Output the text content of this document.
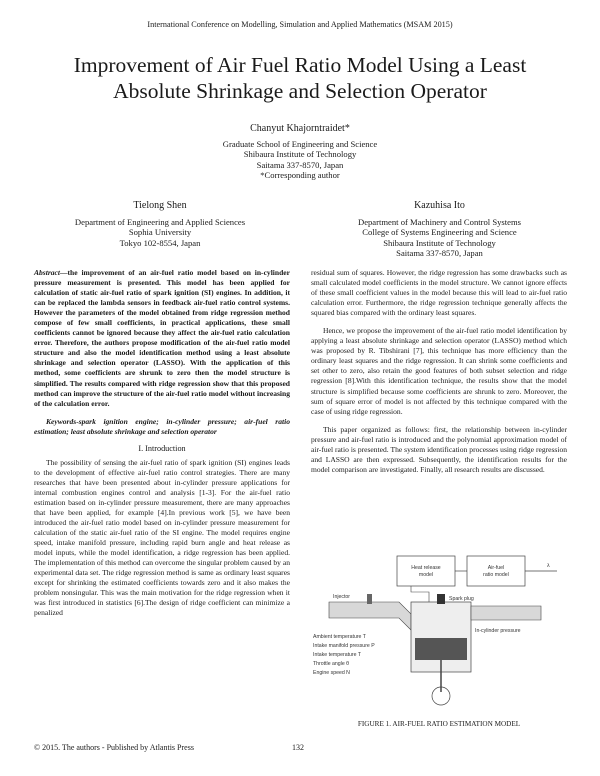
International Conference on Modelling, Simulation and Applied Mathematics (MSAM 2015)
Improvement of Air Fuel Ratio Model Using a Least
Absolute Shrinkage and Selection Operator
Chanyut Khajorntraidet*
Graduate School of Engineering and Science
Shibaura Institute of Technology
Saitama 337-8570, Japan
*Corresponding author
Tielong Shen
Department of Engineering and Applied Sciences
Sophia University
Tokyo 102-8554, Japan
Kazuhisa Ito
Department of Machinery and Control Systems
College of Systems Engineering and Science
Shibaura Institute of Technology
Saitama 337-8570, Japan

Abstract—the improvement of an air-fuel ratio model based on in-cylinder pressure measurement is presented. This model has been applied for calculation of static air-fuel ratio of spark ignition (SI) engines. In addition, it can be replaced the lambda sensors in feedback air-fuel ratio control systems. However the parameters of the model obtained from ridge regression method compose of few small coefficients, in practical applications, these small coefficients cannot be ignored because they affect the air-fuel ratio calculation error. Therefore, the authors propose modification of the air-fuel ratio model structure and also the model identification method using a least absolute shrinkage and selection operator (LASSO). With the application of this method, some coefficients are shrunk to zero then the model structure is simplified. The results compared with ridge regression show that this proposed method can improve the structure of the air-fuel ratio model without increasing of the calculation error.

Keywords-spark ignition engine; in-cylinder pressure; air-fuel ratio estimation; least absolute shrinkage and selection operator

I. Introduction

The possibility of sensing the air-fuel ratio of spark ignition (SI) engines leads to the development of effective air-fuel ratio control strategies. There are many researches that have been presented about in-cylinder pressure applications for internal combustion engines control and analysis [1-3]. For the air-fuel ratio estimation based on in-cylinder pressure measurement, there are many approaches that have been applied, for example [4].In previous work [5], we have been introduced the air-fuel ratio model based on in-cylinder pressure measurement for calculation of the static air-fuel ratio of the SI engine. The model requires engine speed, intake manifold pressure, including rapid burn angle and heat release as model inputs, while the model identification, a ridge regression has been applied. The implementation of this method can overcome the singular problem caused by an experimental data set. The ridge regression method is same as ordinary least squares except for shrinking the estimated coefficients towards zero and it also makes the problem nonsingular. This was the main motivation for the ridge regression when it was first introduced in statistics [6].The design of ridge coefficient can minimize a penalized

residual sum of squares. However, the ridge regression has some drawbacks such as small calculated model coefficients in the model structure. We cannot ignore effects of these small coefficient values in the model because this will lead to air-fuel ratio calculation error. Furthermore, the ridge regression technique generally affects the squared bias compared with the ordinary least squares.

Hence, we propose the improvement of the air-fuel ratio model identification by applying a least absolute shrinkage and selection operator (LASSO) method which was proposed by R. Tibshirani [7], this technique has more efficiency than the ordinary least squares and the ridge regression. It can shrink some coefficients and set other to zero, also retain the good features of both subset selection and ridge regression [8].With this identification technique, the results show that the model structure is simplified because some coefficients are shrunk to zero. Moreover, the sum of square error of model is not affected by this technique compared with the case of using ridge regression.

This paper organized as follows: first, the relationship between in-cylinder pressure and air-fuel ratio is introduced and the polynomial approximation model of air-fuel ratio is presented. The system identification processes using ridge regression and LASSO are then expressed. Subsequently, the identification results for the model comparison are investigated. Finally, all research results are discussed.

Heat release
model
Air-fuel
ratio model
λ
Injector	Spark plug
In-cylinder pressure
Ambient temperature T
Intake manifold pressure P
Intake temperature T
Throttle angle θ
Engine speed N
FIGURE 1. AIR-FUEL RATIO ESTIMATION MODEL
© 2015. The authors - Published by Atlantis Press	132
